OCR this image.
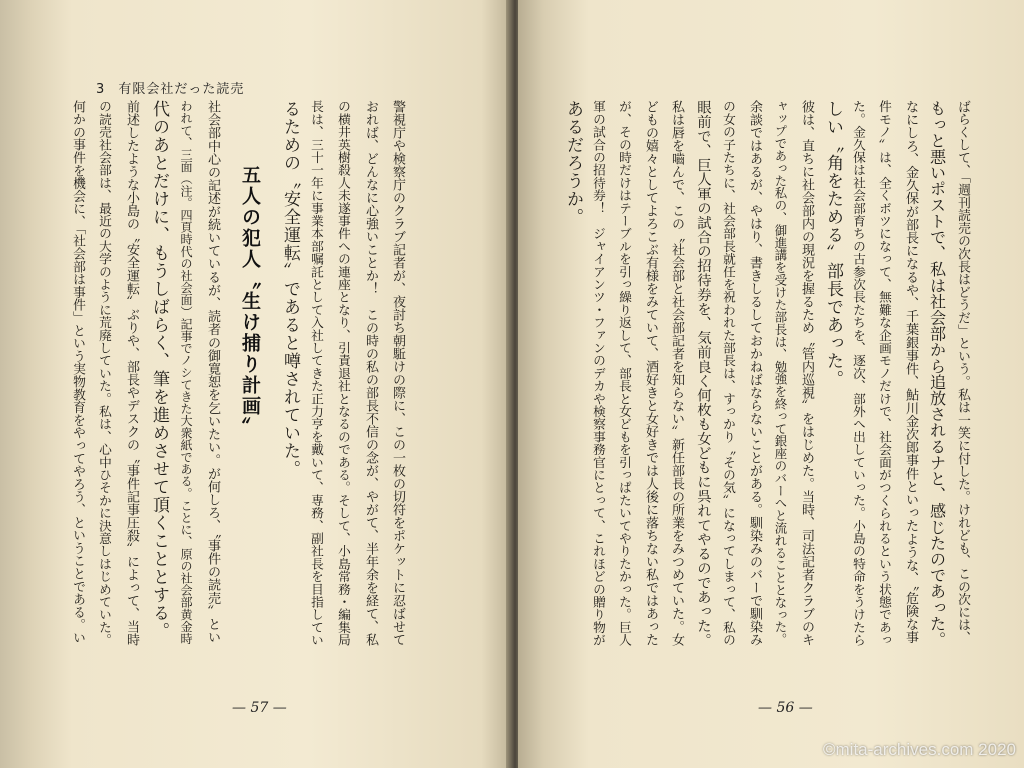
3 有限会社だった読売
警視庁や検察庁のクラブ記者が、夜討ち朝駈けの際に、この一枚の切符をポケットに忍ばせて
おれば、どんなに心強いことか！　この時の私の部長不信の念が、やがて、半年余を経て、私
の横井英樹殺人未遂事件への連座となり、引責退社となるのである。そして、小島常務・編集局
長は、三十一年に事業本部嘱託として入社してきた正力亨を戴いて、専務、副社長を目指してい
るための〝安全運転〟であると噂されていた。
五人の犯人〝生け捕り計画〟
社会部中心の記述が続いているが、読者の御寛恕を乞いたい。が何しろ、〝事件の読売〟とい
われて、三面（注。四頁時代の社会面）記事でノシてきた大衆紙である。ことに、原の社会部黄金時
代のあとだけに、もうしばらく、筆を進めさせて頂くこととする。
前述したような小島の〝安全運転〟ぶりや、部長やデスクの〝事件記事圧殺〟によって、当時
の読売社会部は、最近の大学のように荒廃していた。私は、心中ひそかに決意しはじめていた。
何かの事件を機会に、「社会部は事件」という実物教育をやってやろう、ということである。い
— 57 —
ばらくして、「週刊読売の次長はどうだ」という。私は一笑に付した。けれども、この次には、
もっと悪いポストで、私は社会部から追放されるナと、感じたのであった。
なにしろ、金久保が部長になるや、千葉銀事件、鮎川金次郎事件といったような、〝危険な事
件モノ〟は、全くボツになって、無難な企画モノだけで、社会面がつくられるという状態であっ
た。金久保は社会部育ちの古参次長たちを、逐次、部外へ出していった。小島の特命をうけたら
しい〝角をためる〟部長であった。
彼は、直ちに社会部内の現況を握るため〝管内巡視〟をはじめた。当時、司法記者クラブのキ
ャップであった私の、御進講を受けた部長は、勉強を終って銀座のバーへと流れることとなった。
余談ではあるが、やはり、書きしるしておかねばならないことがある。馴染みのバーで馴染み
の女の子たちに、社会部長就任を祝われた部長は、すっかり〝その気〟になってしまって、私の
眼前で、巨人軍の試合の招待券を、気前良く何枚も女どもに呉れてやるのであった。
私は唇を嚙んで、この〝社会部と社会部記者を知らない〟新任部長の所業をみつめていた。女
どもの嬉々としてよろこぶ有様をみていて、酒好きと女好きでは人後に落ちない私ではあった
が、その時だけはテーブルを引っ繰り返して、部長と女どもを引っぱたいてやりたかった。巨人
軍の試合の招待券！　ジャイアンツ・ファンのデカや検察事務官にとって、これほどの贈り物が
あるだろうか。
— 56 —
©mita-archives.com 2020
